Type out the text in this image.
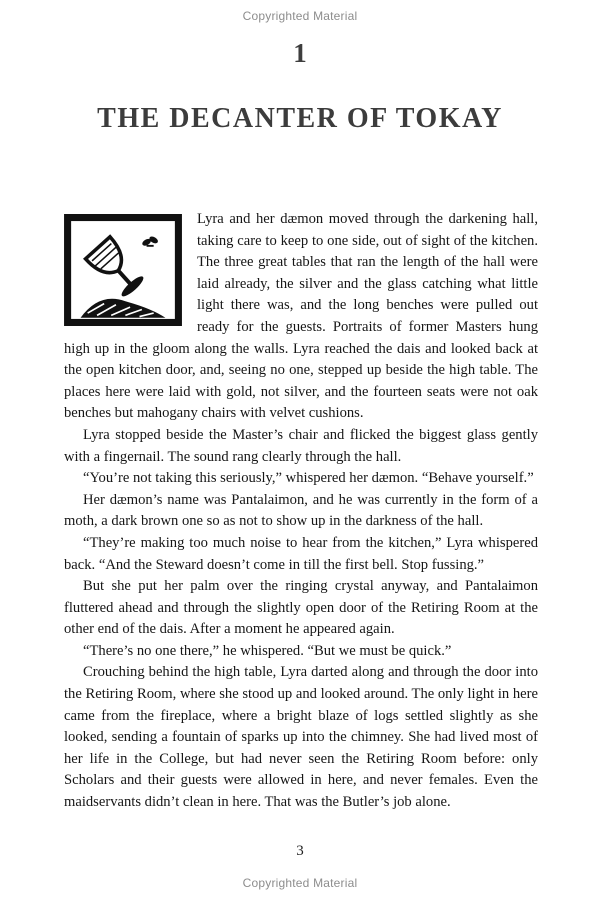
Copyrighted Material
1
THE DECANTER OF TOKAY

Lyra and her dæmon moved through the darkening hall, taking care to keep to one side, out of sight of the kitchen. The three great tables that ran the length of the hall were laid already, the silver and the glass catching what little light there was, and the long benches were pulled out ready for the guests. Portraits of former Masters hung high up in the gloom along the walls. Lyra reached the dais and looked back at the open kitchen door, and, seeing no one, stepped up beside the high table. The places here were laid with gold, not silver, and the fourteen seats were not oak benches but mahogany chairs with velvet cushions.

Lyra stopped beside the Master’s chair and flicked the biggest glass gently with a fingernail. The sound rang clearly through the hall.

“You’re not taking this seriously,” whispered her dæmon. “Behave yourself.”

Her dæmon’s name was Pantalaimon, and he was currently in the form of a moth, a dark brown one so as not to show up in the darkness of the hall.

“They’re making too much noise to hear from the kitchen,” Lyra whispered back. “And the Steward doesn’t come in till the first bell. Stop fussing.”

But she put her palm over the ringing crystal anyway, and Pantalaimon fluttered ahead and through the slightly open door of the Retiring Room at the other end of the dais. After a moment he appeared again.

“There’s no one there,” he whispered. “But we must be quick.”

Crouching behind the high table, Lyra darted along and through the door into the Retiring Room, where she stood up and looked around. The only light in here came from the fireplace, where a bright blaze of logs settled slightly as she looked, sending a fountain of sparks up into the chimney. She had lived most of her life in the College, but had never seen the Retiring Room before: only Scholars and their guests were allowed in here, and never females. Even the maidservants didn’t clean in here. That was the Butler’s job alone.

3
Copyrighted Material
